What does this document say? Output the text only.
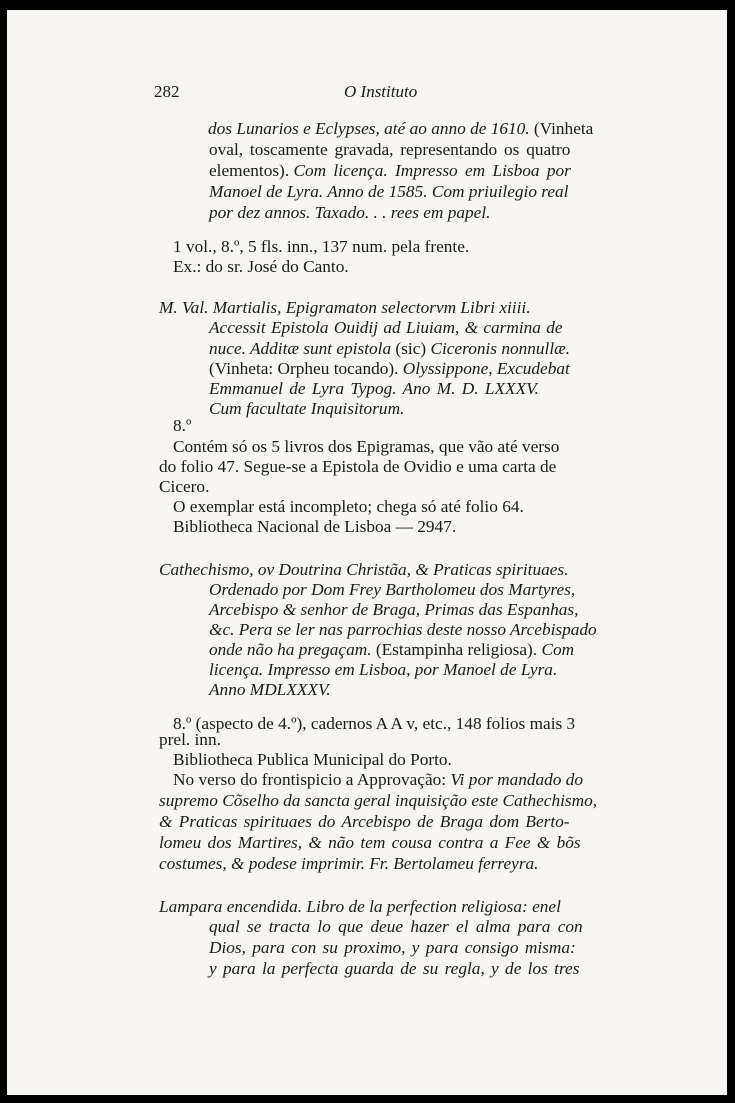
282	O Instituto
dos Lunarios e Eclypses, até ao anno de 1610. (Vinheta
oval, toscamente gravada, representando os quatro
elementos). Com licença. Impresso em Lisboa por
Manoel de Lyra. Anno de 1585. Com priuilegio real
por dez annos. Taxado. . . rees em papel.
1 vol., 8.º, 5 fls. inn., 137 num. pela frente.
Ex.: do sr. José do Canto.
M. Val. Martialis, Epigramaton selectorvm Libri xiiii.
Accessit Epistola Ouidij ad Liuiam, & carmina de
nuce. Additæ sunt epistola (sic) Ciceronis nonnullæ.
(Vinheta: Orpheu tocando). Olyssippone, Excudebat
Emmanuel de Lyra Typog. Ano M. D. LXXXV.
Cum facultate Inquisitorum.
8.º
Contém só os 5 livros dos Epigramas, que vão até verso
do folio 47. Segue-se a Epistola de Ovidio e uma carta de
Cicero.
O exemplar está incompleto; chega só até folio 64.
Bibliotheca Nacional de Lisboa — 2947.
Cathechismo, ov Doutrina Christãa, & Praticas spirituaes.
Ordenado por Dom Frey Bartholomeu dos Martyres,
Arcebispo & senhor de Braga, Primas das Espanhas,
&c. Pera se ler nas parrochias deste nosso Arcebispado
onde não ha pregaçam. (Estampinha religiosa). Com
licença. Impresso em Lisboa, por Manoel de Lyra.
Anno MDLXXXV.
8.º (aspecto de 4.º), cadernos A A v, etc., 148 folios mais 3
prel. inn.
Bibliotheca Publica Municipal do Porto.
No verso do frontispicio a Approvação: Vi por mandado do
supremo Cõselho da sancta geral inquisição este Cathechismo,
& Praticas spirituaes do Arcebispo de Braga dom Berto-
lomeu dos Martires, & não tem cousa contra a Fee & bõs
costumes, & podese imprimir. Fr. Bertolameu ferreyra.
Lampara encendida. Libro de la perfection religiosa: enel
qual se tracta lo que deue hazer el alma para con
Dios, para con su proximo, y para consigo misma:
y para la perfecta guarda de su regla, y de los tres
